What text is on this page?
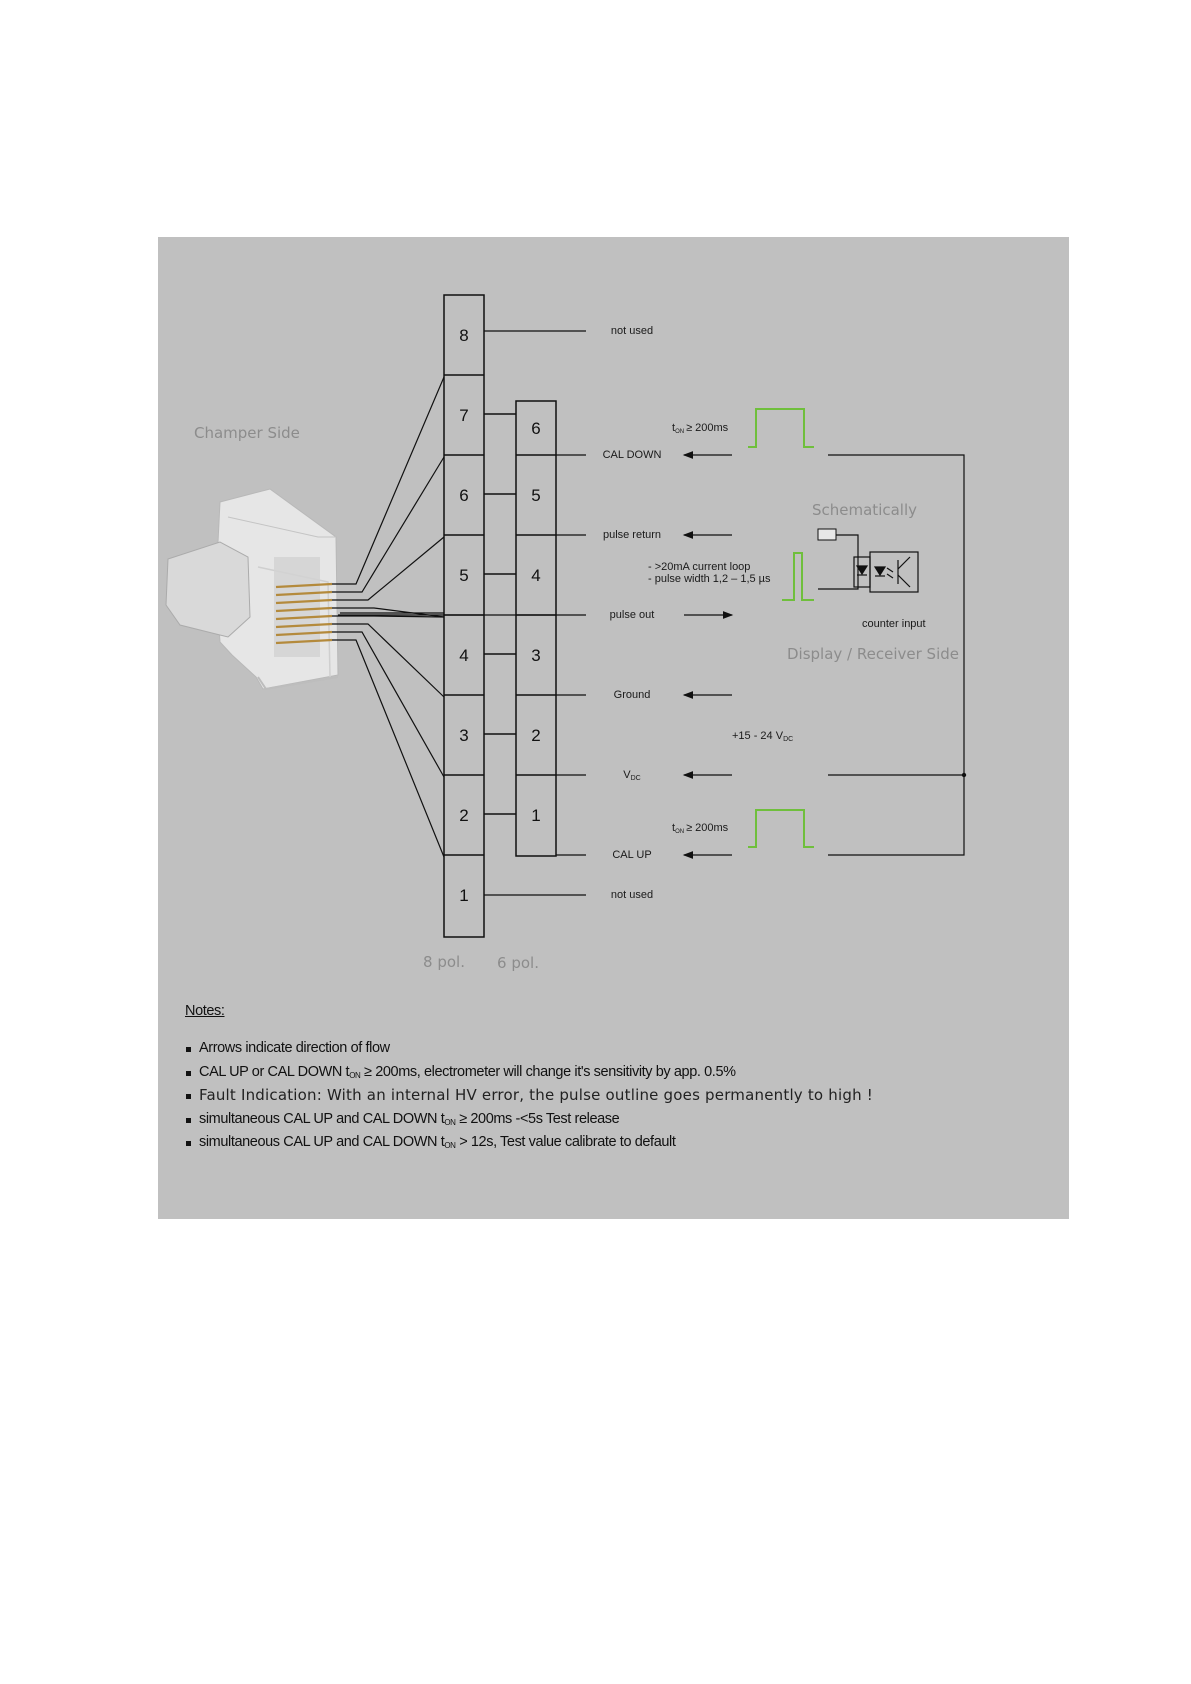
Champer Side
Schematically
Display / Receiver Side
8 pol. 6 pol.
8
7
6
5
4
3
2
1
6
5
4
3
2
1
not used
CAL DOWN
pulse return
pulse out
Ground
VDC
CAL UP
not used
tON ≥ 200ms
tON ≥ 200ms
- >20mA current loop
- pulse width 1,2 – 1,5 µs
+15 - 24 VDC
counter input
Notes:
Arrows indicate direction of flow
CAL UP or CAL DOWN $t_{ON} \ge 200ms$, electrometer will change it's sensitivity by app. 0.5%
Fault Indication: With an internal HV error, the pulse outline goes permanently to high !
simultaneous CAL UP and CAL DOWN $t_{ON} \ge 200ms$ -<5s Test release
simultaneous CAL UP and CAL DOWN $t_{ON} > 12s$, Test value calibrate to default
